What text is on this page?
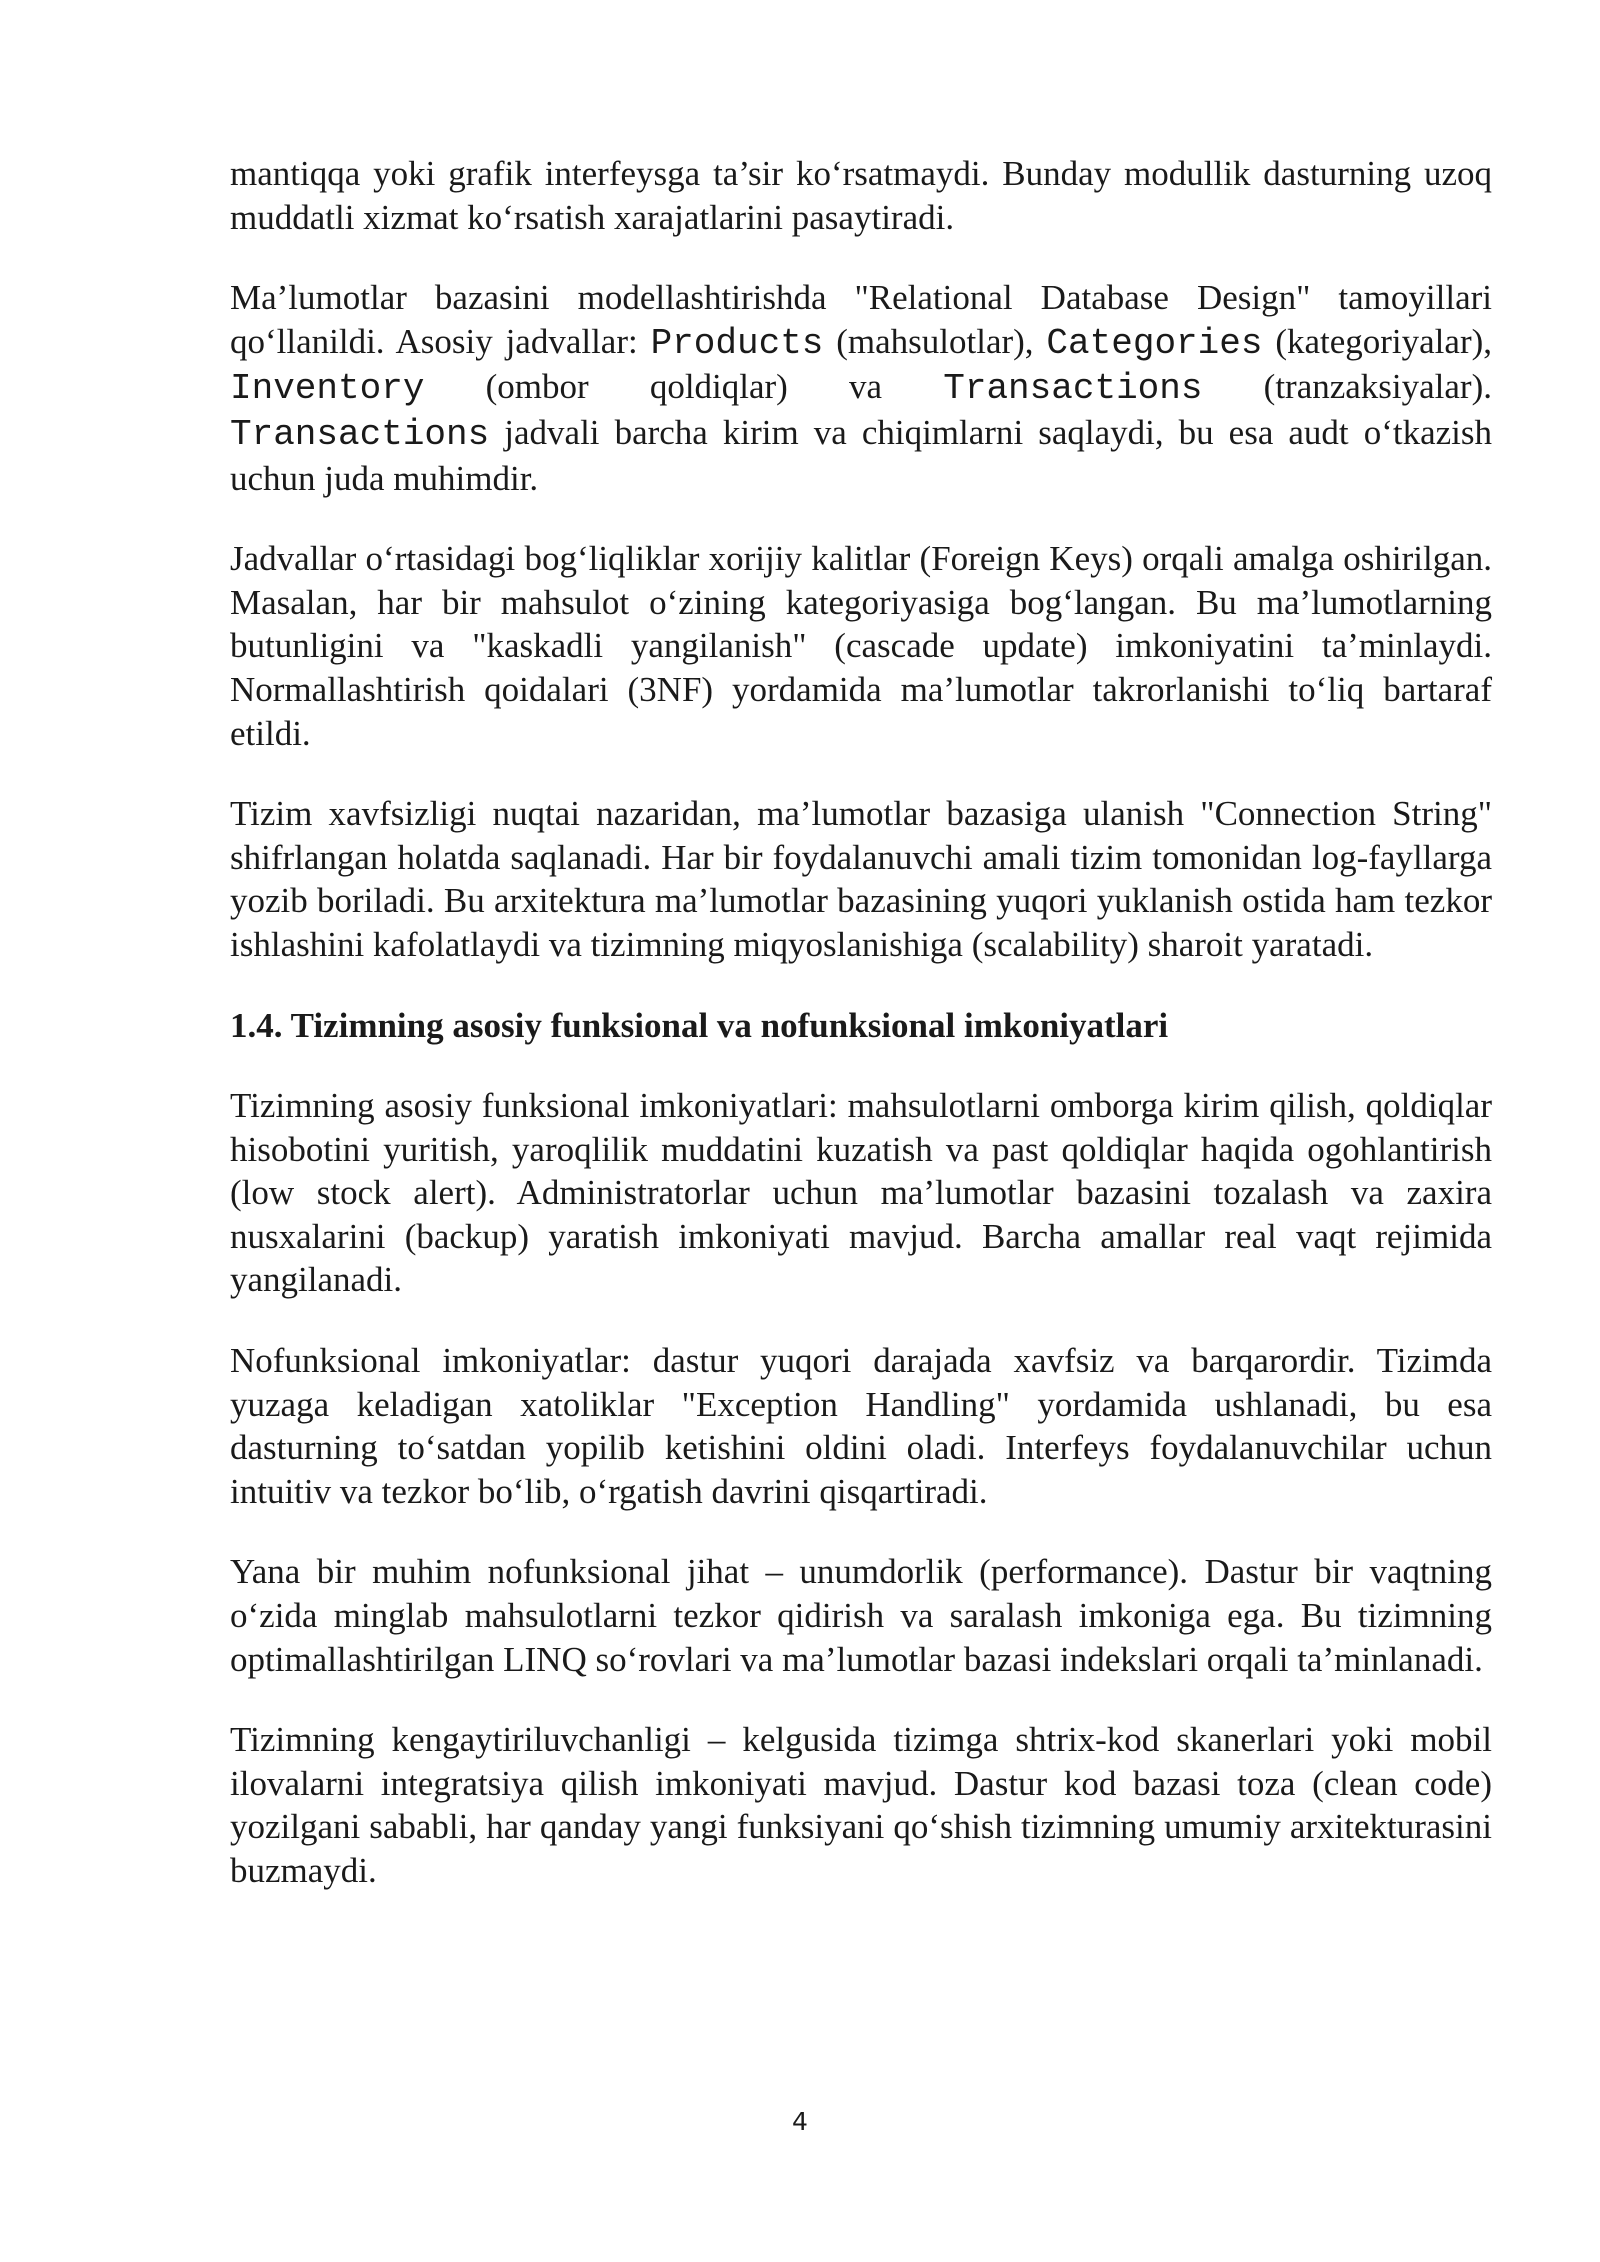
mantiqqa yoki grafik interfeysga ta’sir ko‘rsatmaydi. Bunday modullik dasturning uzoq muddatli xizmat ko‘rsatish xarajatlarini pasaytiradi.

Ma’lumotlar bazasini modellashtirishda "Relational Database Design" tamoyillari qo‘llanildi. Asosiy jadvallar: Products (mahsulotlar), Categories (kategoriyalar), Inventory (ombor qoldiqlar) va Transactions (tranzaksiyalar). Transactions jadvali barcha kirim va chiqimlarni saqlaydi, bu esa audt o‘tkazish uchun juda muhimdir.

Jadvallar o‘rtasidagi bog‘liqliklar xorijiy kalitlar (Foreign Keys) orqali amalga oshirilgan. Masalan, har bir mahsulot o‘zining kategoriyasiga bog‘langan. Bu ma’lumotlarning butunligini va "kaskadli yangilanish" (cascade update) imkoniyatini ta’minlaydi. Normallashtirish qoidalari (3NF) yordamida ma’lumotlar takrorlanishi to‘liq bartaraf etildi.

Tizim xavfsizligi nuqtai nazaridan, ma’lumotlar bazasiga ulanish "Connection String" shifrlangan holatda saqlanadi. Har bir foydalanuvchi amali tizim tomonidan log-fayllarga yozib boriladi. Bu arxitektura ma’lumotlar bazasining yuqori yuklanish ostida ham tezkor ishlashini kafolatlaydi va tizimning miqyoslanishiga (scalability) sharoit yaratadi.

1.4. Tizimning asosiy funksional va nofunksional imkoniyatlari

Tizimning asosiy funksional imkoniyatlari: mahsulotlarni omborga kirim qilish, qoldiqlar hisobotini yuritish, yaroqlilik muddatini kuzatish va past qoldiqlar haqida ogohlantirish (low stock alert). Administratorlar uchun ma’lumotlar bazasini tozalash va zaxira nusxalarini (backup) yaratish imkoniyati mavjud. Barcha amallar real vaqt rejimida yangilanadi.

Nofunksional imkoniyatlar: dastur yuqori darajada xavfsiz va barqarordir. Tizimda yuzaga keladigan xatoliklar "Exception Handling" yordamida ushlanadi, bu esa dasturning to‘satdan yopilib ketishini oldini oladi. Interfeys foydalanuvchilar uchun intuitiv va tezkor bo‘lib, o‘rgatish davrini qisqartiradi.

Yana bir muhim nofunksional jihat – unumdorlik (performance). Dastur bir vaqtning o‘zida minglab mahsulotlarni tezkor qidirish va saralash imkoniga ega. Bu tizimning optimallashtirilgan LINQ so‘rovlari va ma’lumotlar bazasi indekslari orqali ta’minlanadi.

Tizimning kengaytiriluvchanligi – kelgusida tizimga shtrix-kod skanerlari yoki mobil ilovalarni integratsiya qilish imkoniyati mavjud. Dastur kod bazasi toza (clean code) yozilgani sababli, har qanday yangi funksiyani qo‘shish tizimning umumiy arxitekturasini buzmaydi.

4
